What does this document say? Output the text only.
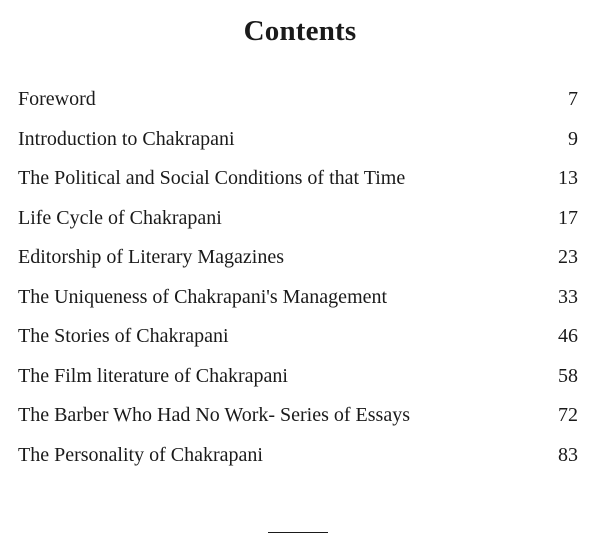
Contents
Foreword	7
Introduction to Chakrapani	9
The Political and Social Conditions of that Time	13
Life Cycle of Chakrapani	17
Editorship of Literary Magazines	23
The Uniqueness of Chakrapani's Management	33
The Stories of Chakrapani	46
The Film literature of Chakrapani	58
The Barber Who Had No Work- Series of Essays	72
The Personality of Chakrapani	83
